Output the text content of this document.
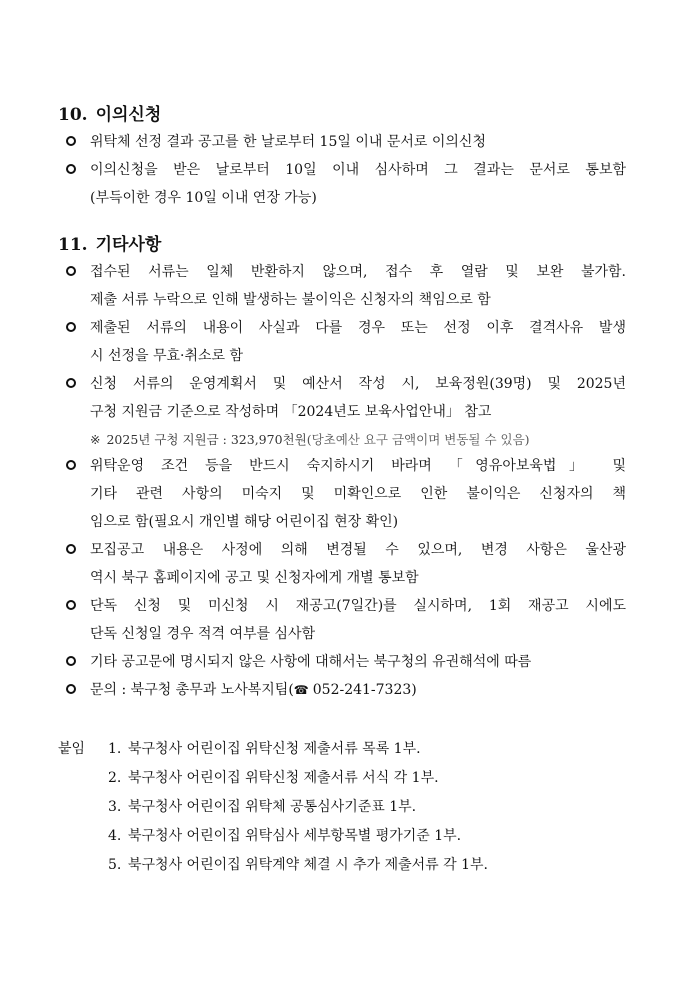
10. 이의신청
위탁체 선정 결과 공고를 한 날로부터 15일 이내 문서로 이의신청
이의신청을 받은 날로부터 10일 이내 심사하며 그 결과는 문서로 통보함
(부득이한 경우 10일 이내 연장 가능)
11. 기타사항
접수된 서류는 일체 반환하지 않으며, 접수 후 열람 및 보완 불가함.
제출 서류 누락으로 인해 발생하는 불이익은 신청자의 책임으로 함
제출된 서류의 내용이 사실과 다를 경우 또는 선정 이후 결격사유 발생
시 선정을 무효·취소로 함
신청 서류의 운영계획서 및 예산서 작성 시, 보육정원(39명) 및 2025년
구청 지원금 기준으로 작성하며 「2024년도 보육사업안내」 참고
※ 2025년 구청 지원금 : 323,970천원(당초예산 요구 금액이며 변동될 수 있음)
위탁운영 조건 등을 반드시 숙지하시기 바라며 「영유아보육법」 및
기타 관련 사항의 미숙지 및 미확인으로 인한 불이익은 신청자의 책
임으로 함(필요시 개인별 해당 어린이집 현장 확인)
모집공고 내용은 사정에 의해 변경될 수 있으며, 변경 사항은 울산광
역시 북구 홈페이지에 공고 및 신청자에게 개별 통보함
단독 신청 및 미신청 시 재공고(7일간)를 실시하며, 1회 재공고 시에도
단독 신청일 경우 적격 여부를 심사함
기타 공고문에 명시되지 않은 사항에 대해서는 북구청의 유권해석에 따름
문의 : 북구청 총무과 노사복지팀(☎ 052-241-7323)
붙임 1. 북구청사 어린이집 위탁신청 제출서류 목록 1부.
2. 북구청사 어린이집 위탁신청 제출서류 서식 각 1부.
3. 북구청사 어린이집 위탁체 공통심사기준표 1부.
4. 북구청사 어린이집 위탁심사 세부항목별 평가기준 1부.
5. 북구청사 어린이집 위탁계약 체결 시 추가 제출서류 각 1부.
